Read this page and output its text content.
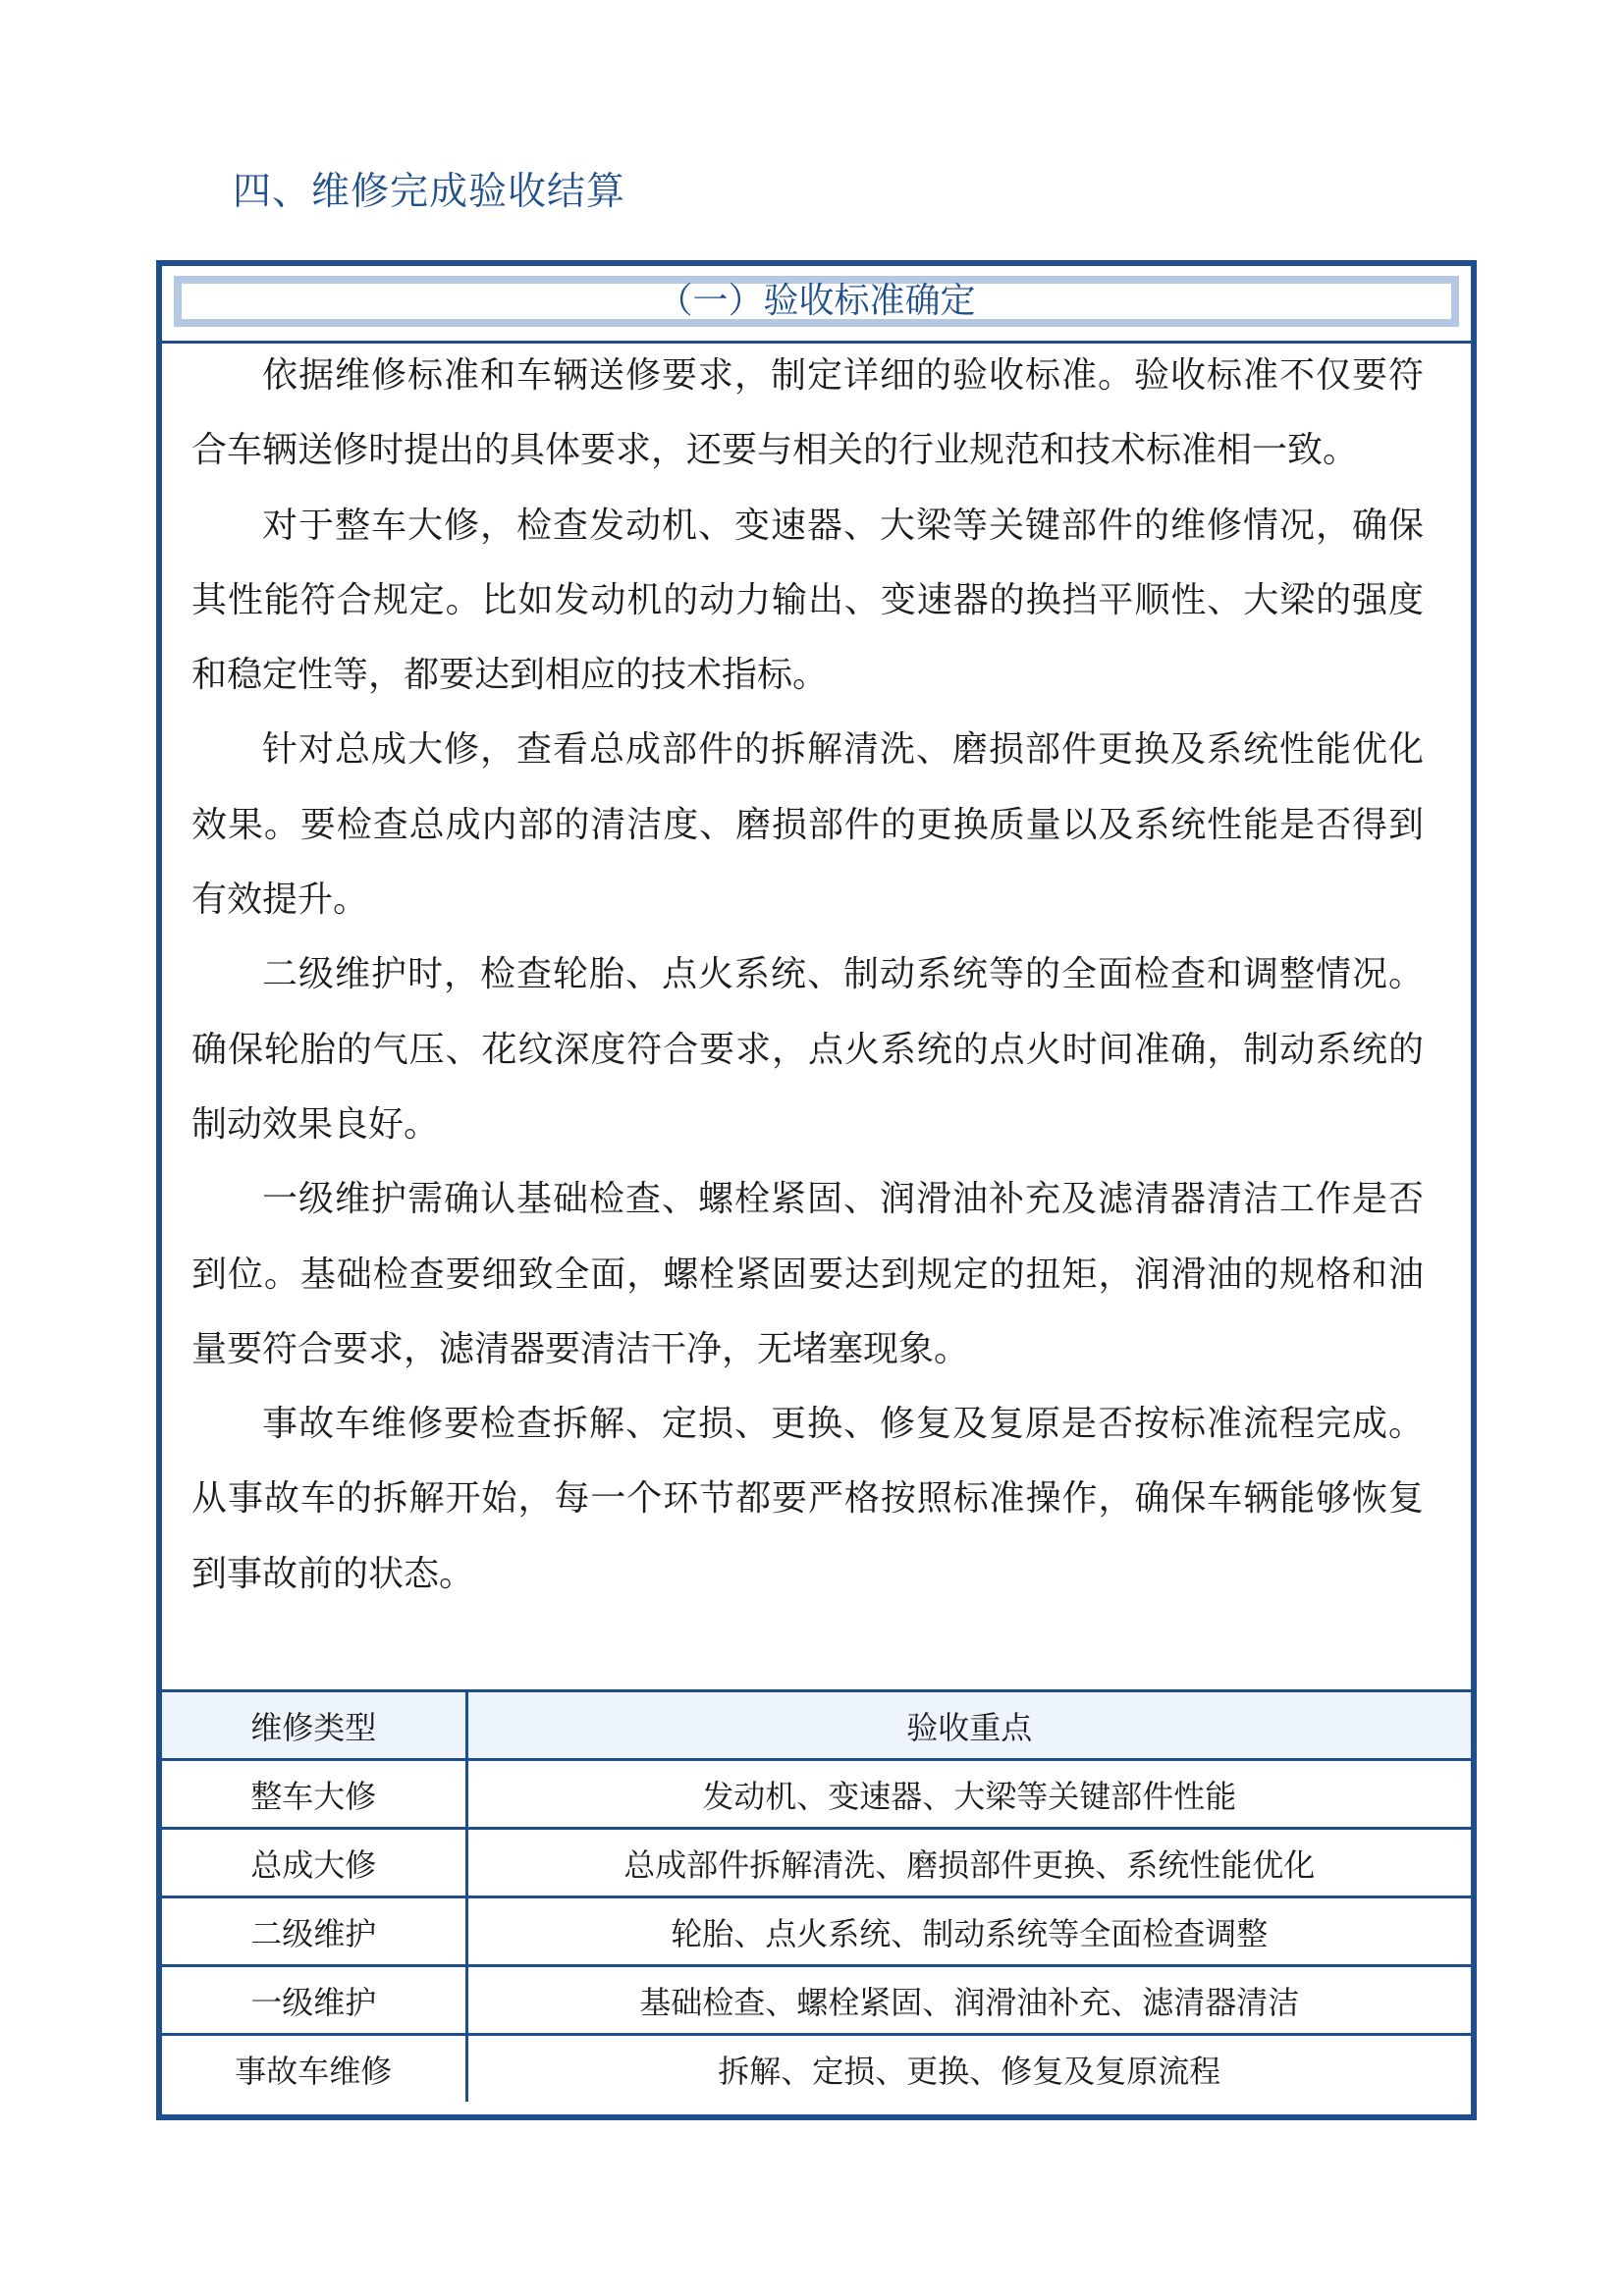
四、维修完成验收结算
（一）验收标准确定

依据维修标准和车辆送修要求，制定详细的验收标准。验收标准不仅要符合车辆送修时提出的具体要求，还要与相关的行业规范和技术标准相一致。

对于整车大修，检查发动机、变速器、大梁等关键部件的维修情况，确保其性能符合规定。比如发动机的动力输出、变速器的换挡平顺性、大梁的强度和稳定性等，都要达到相应的技术指标。

针对总成大修，查看总成部件的拆解清洗、磨损部件更换及系统性能优化效果。要检查总成内部的清洁度、磨损部件的更换质量以及系统性能是否得到有效提升。

二级维护时，检查轮胎、点火系统、制动系统等的全面检查和调整情况。确保轮胎的气压、花纹深度符合要求，点火系统的点火时间准确，制动系统的制动效果良好。

一级维护需确认基础检查、螺栓紧固、润滑油补充及滤清器清洁工作是否到位。基础检查要细致全面，螺栓紧固要达到规定的扭矩，润滑油的规格和油量要符合要求，滤清器要清洁干净，无堵塞现象。

事故车维修要检查拆解、定损、更换、修复及复原是否按标准流程完成。从事故车的拆解开始，每一个环节都要严格按照标准操作，确保车辆能够恢复到事故前的状态。

维修类型	验收重点
整车大修	发动机、变速器、大梁等关键部件性能
总成大修	总成部件拆解清洗、磨损部件更换、系统性能优化
二级维护	轮胎、点火系统、制动系统等全面检查调整
一级维护	基础检查、螺栓紧固、润滑油补充、滤清器清洁
事故车维修	拆解、定损、更换、修复及复原流程
